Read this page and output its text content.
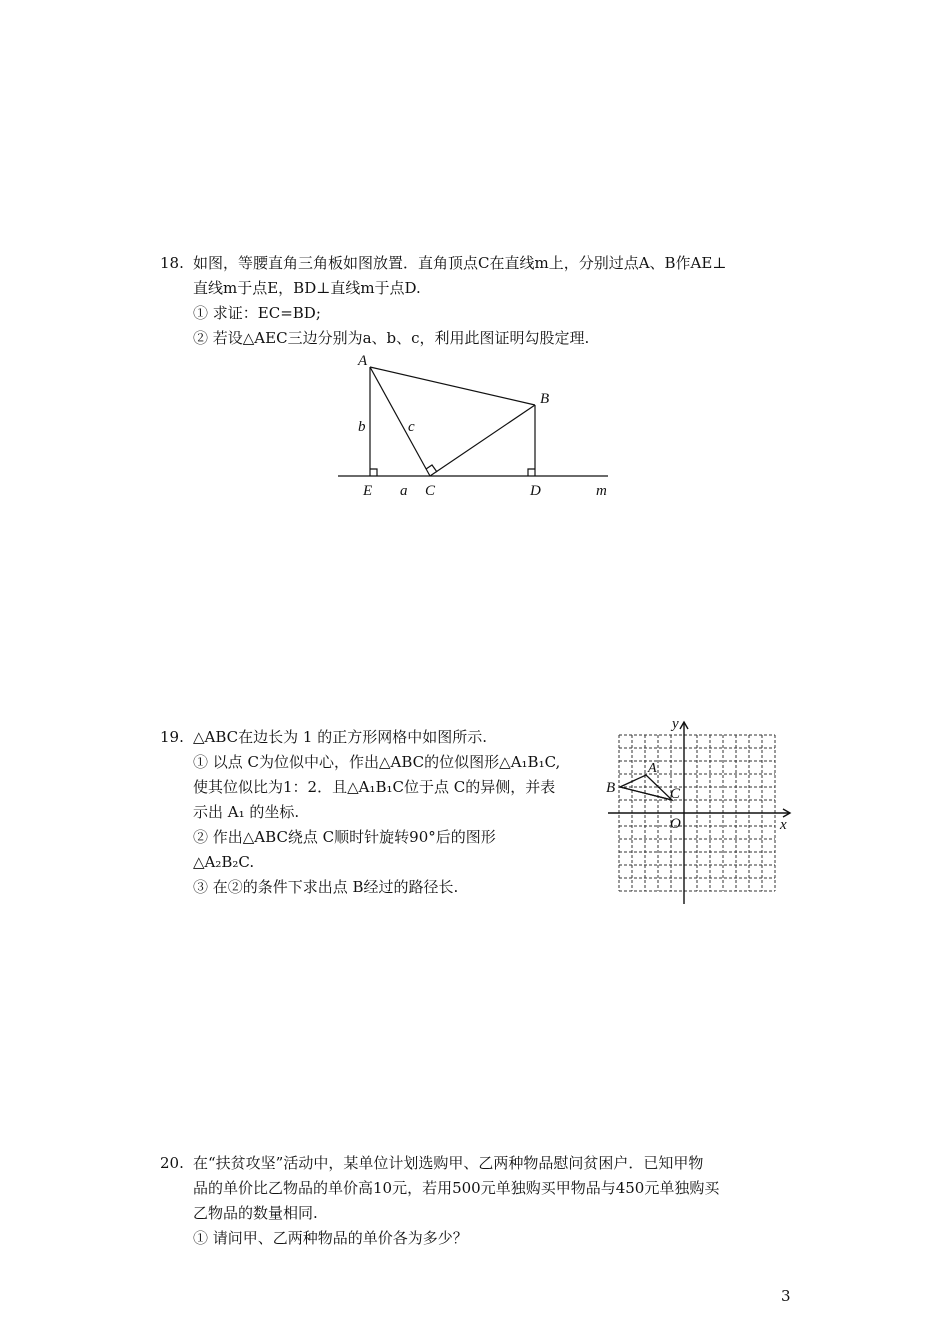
18. 如图，等腰直角三角板如图放置．直角顶点C在直线m上，分别过点A、B作AE⊥
直线m于点E，BD⊥直线m于点D.
① 求证：EC=BD;
② 若设△AEC三边分别为a、b、c，利用此图证明勾股定理.
A
B
C	D
E a
b	c
m
19. △ABC在边长为 1 的正方形网格中如图所示.
① 以点 C为位似中心，作出△ABC的位似图形△A₁B₁C,
使其位似比为1：2．且△A₁B₁C位于点 C的异侧，并表
示出 A₁ 的坐标.
② 作出△ABC绕点 C顺时针旋转90°后的图形
△A₂B₂C.
③ 在②的条件下求出点 B经过的路径长.
B
A
C
O	x
y
20. 在“扶贫攻坚”活动中，某单位计划选购甲、乙两种物品慰问贫困户．已知甲物
品的单价比乙物品的单价高10元，若用500元单独购买甲物品与450元单独购买
乙物品的数量相同.
① 请问甲、乙两种物品的单价各为多少？
3
